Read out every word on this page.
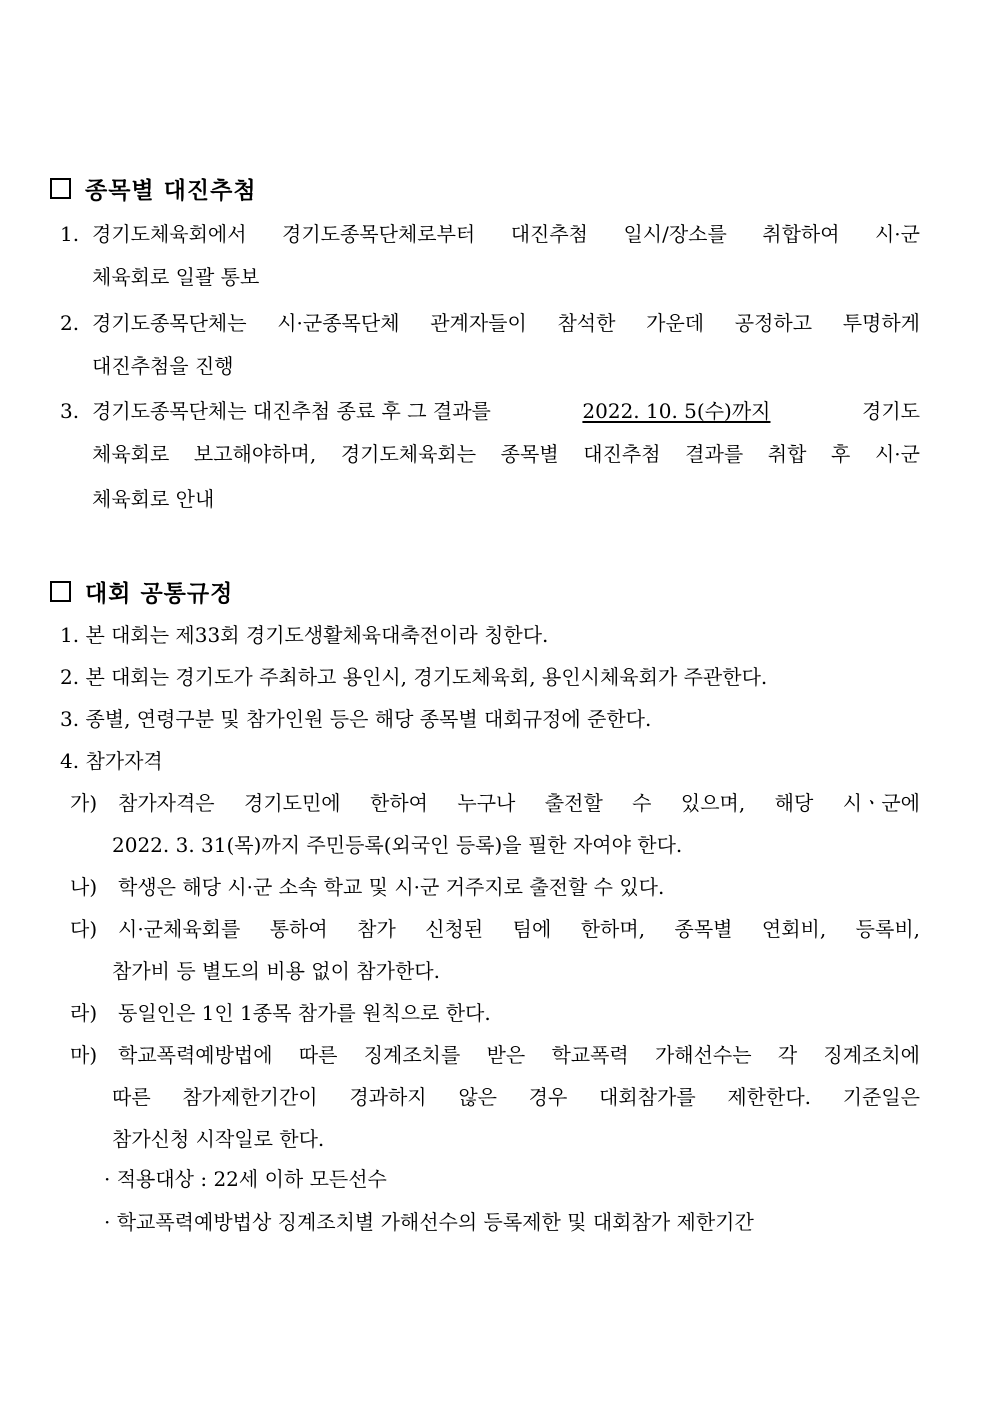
종목별 대진추첨
1. 경기도체육회에서 경기도종목단체로부터 대진추첨 일시/장소를 취합하여 시·군
체육회로 일괄 통보
2. 경기도종목단체는 시·군종목단체 관계자들이 참석한 가운데 공정하고 투명하게
대진추첨을 진행
3. 경기도종목단체는 대진추첨 종료 후 그 결과를	2022. 10. 5(수)까지	경기도
체육회로 보고해야하며, 경기도체육회는 종목별 대진추첨 결과를 취합 후 시·군
체육회로 안내
대회 공통규정
1. 본 대회는 제33회 경기도생활체육대축전이라 칭한다.
2. 본 대회는 경기도가 주최하고 용인시, 경기도체육회, 용인시체육회가 주관한다.
3. 종별, 연령구분 및 참가인원 등은 해당 종목별 대회규정에 준한다.
4. 참가자격
가) 참가자격은 경기도민에 한하여 누구나 출전할 수 있으며, 해당 시ㆍ군에
2022. 3. 31(목)까지 주민등록(외국인 등록)을 필한 자여야 한다.
나) 학생은 해당 시·군 소속 학교 및 시·군 거주지로 출전할 수 있다.
다) 시·군체육회를 통하여 참가 신청된 팀에 한하며, 종목별 연회비, 등록비,
참가비 등 별도의 비용 없이 참가한다.
라) 동일인은 1인 1종목 참가를 원칙으로 한다.
마) 학교폭력예방법에 따른 징계조치를 받은 학교폭력 가해선수는 각 징계조치에
따른 참가제한기간이 경과하지 않은 경우 대회참가를 제한한다. 기준일은
참가신청 시작일로 한다.
· 적용대상 : 22세 이하 모든선수
· 학교폭력예방법상 징계조치별 가해선수의 등록제한 및 대회참가 제한기간
